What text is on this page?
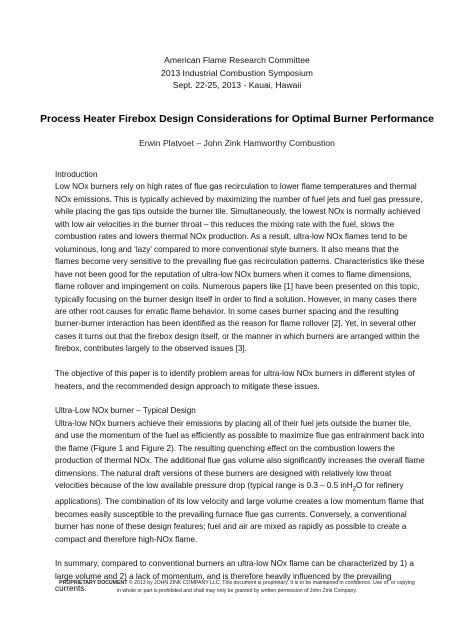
American Flame Research Committee
2013 Industrial Combustion Symposium
Sept. 22-25, 2013 - Kauai, Hawaii
Process Heater Firebox Design Considerations for Optimal Burner Performance
Erwin Platvoet – John Zink Hamworthy Combustion
Introduction

Low NOx burners rely on high rates of flue gas recirculation to lower flame temperatures and thermal NOx emissions. This is typically achieved by maximizing the number of fuel jets and fuel gas pressure, while placing the gas tips outside the burner tile. Simultaneously, the lowest NOx is normally achieved with low air velocities in the burner throat – this reduces the mixing rate with the fuel, slows the combustion rates and lowers thermal NOx production. As a result, ultra-low NOx flames tend to be voluminous, long and ‘lazy’ compared to more conventional style burners. It also means that the flames become very sensitive to the prevailing flue gas recirculation patterns. Characteristics like these have not been good for the reputation of ultra-low NOx burners when it comes to flame dimensions, flame rollover and impingement on coils. Numerous papers like [1] have been presented on this topic, typically focusing on the burner design itself in order to find a solution. However, in many cases there are other root causes for erratic flame behavior. In some cases burner spacing and the resulting burner-burner interaction has been identified as the reason for flame rollover [2]. Yet, in several other cases it turns out that the firebox design itself, or the manner in which burners are arranged within the firebox, contributes largely to the observed issues [3].

The objective of this paper is to identify problem areas for ultra-low NOx burners in different styles of heaters, and the recommended design approach to mitigate these issues.

Ultra-Low NOx burner – Typical Design

Ultra-low NOx burners achieve their emissions by placing all of their fuel jets outside the burner tile, and use the momentum of the fuel as efficiently as possible to maximize flue gas entrainment back into the flame (Figure 1 and Figure 2). The resulting quenching effect on the combustion lowers the production of thermal NOx. The additional flue gas volume also significantly increases the overall flame dimensions. The natural draft versions of these burners are designed with relatively low throat velocities because of the low available pressure drop (typical range is 0.3 – 0.5 inH$_2$O for refinery applications). The combination of its low velocity and large volume creates a low momentum flame that becomes easily susceptible to the prevailing furnace flue gas currents. Conversely, a conventional burner has none of these design features; fuel and air are mixed as rapidly as possible to create a compact and therefore high-NOx flame.

In summary, compared to conventional burners an ultra-low NOx flame can be characterized by 1) a large volume and 2) a lack of momentum, and is therefore heavily influenced by the prevailing currents.

PROPRIETARY DOCUMENT © 2013 by JOHN ZINK COMPANY LLC. This document is proprietary. It is to be maintained in confidence. Use of, or copying in whole or part is prohibited and shall may only be granted by written permission of John Zink Company.
